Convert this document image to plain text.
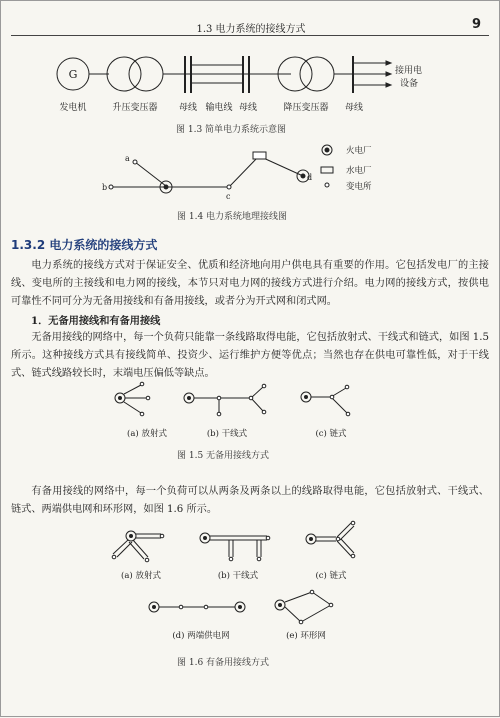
1.3 电力系统的接线方式	9
G
发电机	升压变压器 母线 输电线 母线	降压变压器 母线
接用电
设备
a
b
c
d
火电厂
水电厂
变电所
(a) 放射式	(b) 干线式	(c) 链式
(a) 放射式	(b) 干线式	(c) 链式
(d) 两端供电网	(e) 环形网
图 1.3 简单电力系统示意图
图 1.4 电力系统地理接线图
1.3.2 电力系统的接线方式
电力系统的接线方式对于保证安全、优质和经济地向用户供电具有重要的作用。它包括发电厂的主接线、变电所的主接线和电力网的接线，本节只对电力网的接线方式进行介绍。电力网的接线方式，按供电可靠性不同可分为无备用接线和有备用接线，或者分为开式网和闭式网。
1．无备用接线和有备用接线
无备用接线的网络中，每一个负荷只能靠一条线路取得电能，它包括放射式、干线式和链式，如图 1.5 所示。这种接线方式具有接线简单、投资少、运行维护方便等优点；当然也存在供电可靠性低，对于干线式、链式线路较长时，末端电压偏低等缺点。
图 1.5 无备用接线方式
有备用接线的网络中，每一个负荷可以从两条及两条以上的线路取得电能，它包括放射式、干线式、链式、两端供电网和环形网，如图 1.6 所示。
图 1.6 有备用接线方式
